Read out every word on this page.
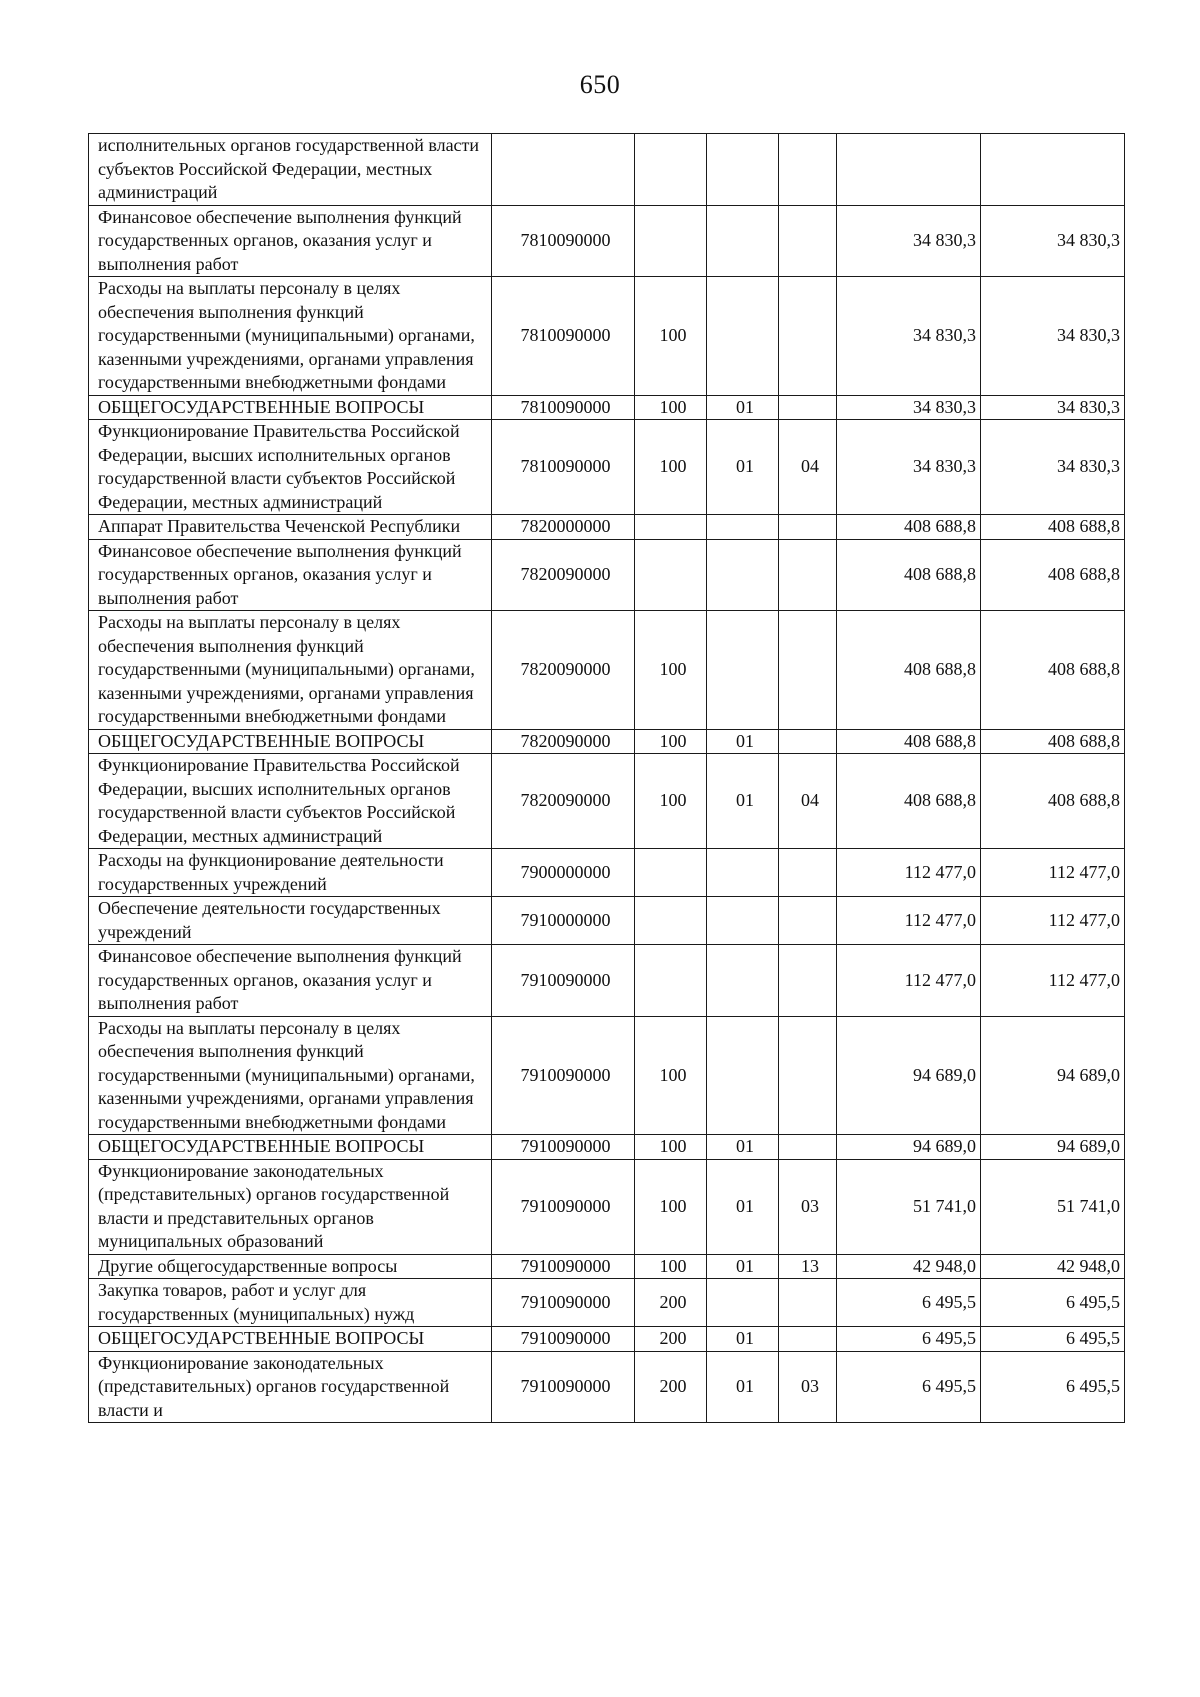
650
исполнительных органов государственной власти субъектов Российской Федерации, местных администраций						
Финансовое обеспечение выполнения функций государственных органов, оказания услуг и выполнения работ	7810090000				34 830,3	34 830,3
Расходы на выплаты персоналу в целях обеспечения выполнения функций государственными (муниципальными) органами, казенными учреждениями, органами управления государственными внебюджетными фондами	7810090000	100			34 830,3	34 830,3
ОБЩЕГОСУДАРСТВЕННЫЕ ВОПРОСЫ	7810090000	100	01		34 830,3	34 830,3
Функционирование Правительства Российской Федерации, высших исполнительных органов государственной власти субъектов Российской Федерации, местных администраций	7810090000	100	01	04	34 830,3	34 830,3
Аппарат Правительства Чеченской Республики	7820000000				408 688,8	408 688,8
Финансовое обеспечение выполнения функций государственных органов, оказания услуг и выполнения работ	7820090000				408 688,8	408 688,8
Расходы на выплаты персоналу в целях обеспечения выполнения функций государственными (муниципальными) органами, казенными учреждениями, органами управления государственными внебюджетными фондами	7820090000	100			408 688,8	408 688,8
ОБЩЕГОСУДАРСТВЕННЫЕ ВОПРОСЫ	7820090000	100	01		408 688,8	408 688,8
Функционирование Правительства Российской Федерации, высших исполнительных органов государственной власти субъектов Российской Федерации, местных администраций	7820090000	100	01	04	408 688,8	408 688,8
Расходы на функционирование деятельности государственных учреждений	7900000000				112 477,0	112 477,0
Обеспечение деятельности государственных учреждений	7910000000				112 477,0	112 477,0
Финансовое обеспечение выполнения функций государственных органов, оказания услуг и выполнения работ	7910090000				112 477,0	112 477,0
Расходы на выплаты персоналу в целях обеспечения выполнения функций государственными (муниципальными) органами, казенными учреждениями, органами управления государственными внебюджетными фондами	7910090000	100			94 689,0	94 689,0
ОБЩЕГОСУДАРСТВЕННЫЕ ВОПРОСЫ	7910090000	100	01		94 689,0	94 689,0
Функционирование законодательных (представительных) органов государственной власти и представительных органов муниципальных образований	7910090000	100	01	03	51 741,0	51 741,0
Другие общегосударственные вопросы	7910090000	100	01	13	42 948,0	42 948,0
Закупка товаров, работ и услуг для государственных (муниципальных) нужд	7910090000	200			6 495,5	6 495,5
ОБЩЕГОСУДАРСТВЕННЫЕ ВОПРОСЫ	7910090000	200	01		6 495,5	6 495,5
Функционирование законодательных (представительных) органов государственной власти и	7910090000	200	01	03	6 495,5	6 495,5
